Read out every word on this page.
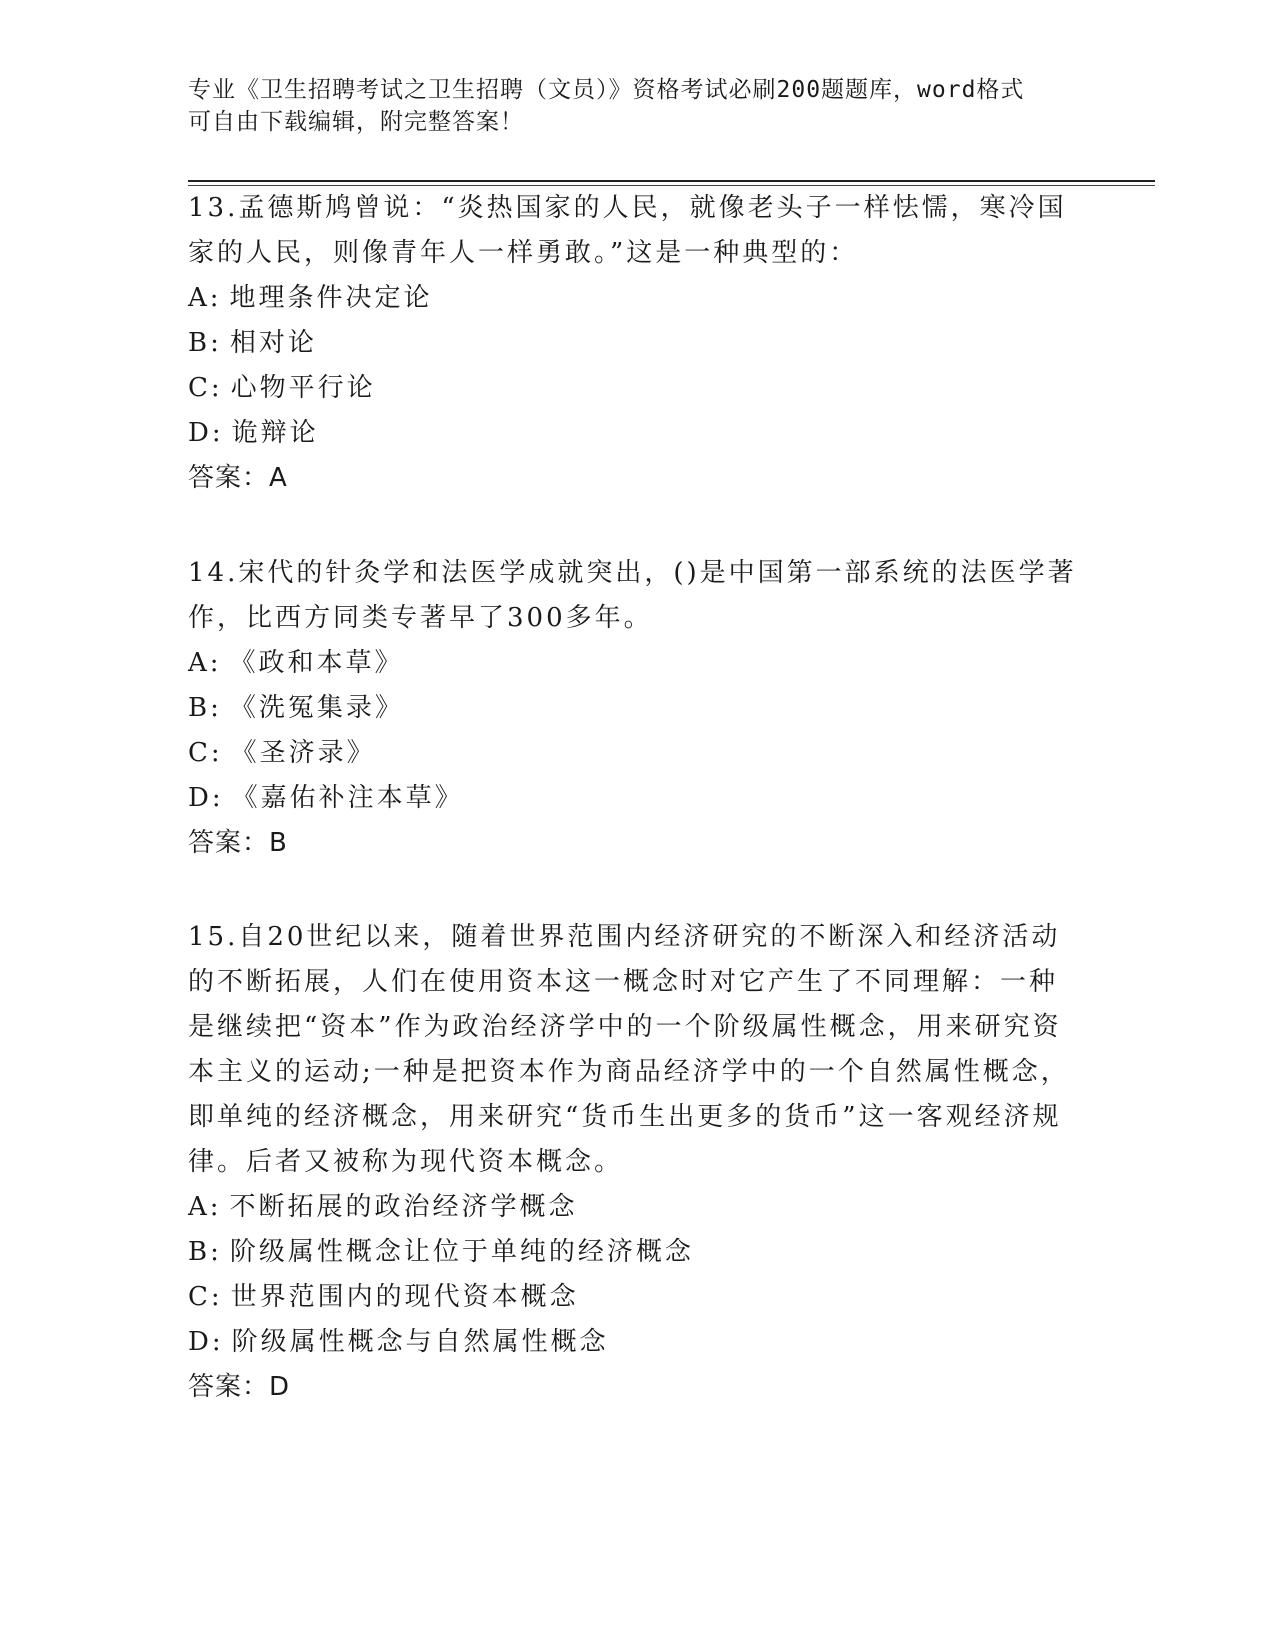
专业《卫生招聘考试之卫生招聘（文员）》资格考试必刷200题题库，word格式

可自由下载编辑，附完整答案！

13.孟德斯鸠曾说：“炎热国家的人民，就像老头子一样怯懦，寒冷国家的人民，则像青年人一样勇敢。”这是一种典型的：

A: 地理条件决定论

B: 相对论

C: 心物平行论

D: 诡辩论

答案：A

14.宋代的针灸学和法医学成就突出，()是中国第一部系统的法医学著作，比西方同类专著早了300多年。

A: 《政和本草》

B: 《洗冤集录》

C: 《圣济录》

D: 《嘉佑补注本草》

答案：B

15.自20世纪以来，随着世界范围内经济研究的不断深入和经济活动的不断拓展，人们在使用资本这一概念时对它产生了不同理解：一种是继续把“资本”作为政治经济学中的一个阶级属性概念，用来研究资本主义的运动;一种是把资本作为商品经济学中的一个自然属性概念，即单纯的经济概念，用来研究“货币生出更多的货币”这一客观经济规律。后者又被称为现代资本概念。

A: 不断拓展的政治经济学概念

B: 阶级属性概念让位于单纯的经济概念

C: 世界范围内的现代资本概念

D: 阶级属性概念与自然属性概念

答案：D
